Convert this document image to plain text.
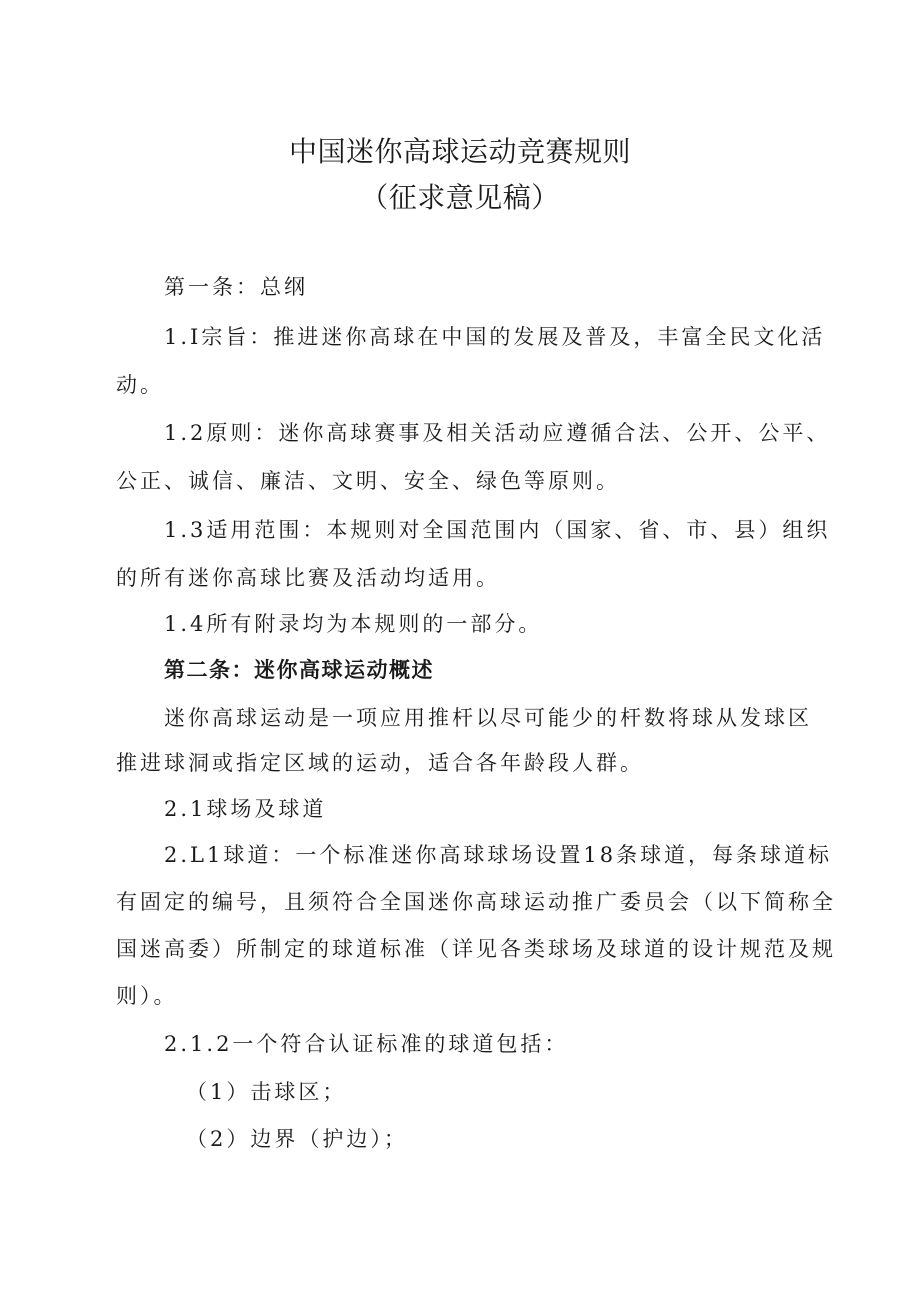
中国迷你高球运动竞赛规则
（征求意见稿）
第一条：总纲
1.I宗旨：推进迷你高球在中国的发展及普及，丰富全民文化活
动。
1.2原则：迷你高球赛事及相关活动应遵循合法、公开、公平、
公正、诚信、廉洁、文明、安全、绿色等原则。
1.3适用范围：本规则对全国范围内（国家、省、市、县）组织
的所有迷你高球比赛及活动均适用。
1.4所有附录均为本规则的一部分。
第二条：迷你高球运动概述
迷你高球运动是一项应用推杆以尽可能少的杆数将球从发球区
推进球洞或指定区域的运动，适合各年龄段人群。
2.1球场及球道
2.L1球道：一个标准迷你高球球场设置18条球道，每条球道标
有固定的编号，且须符合全国迷你高球运动推广委员会（以下简称全
国迷高委）所制定的球道标准（详见各类球场及球道的设计规范及规
则）。
2.1.2一个符合认证标准的球道包括：
（1）击球区；
（2）边界（护边）；
